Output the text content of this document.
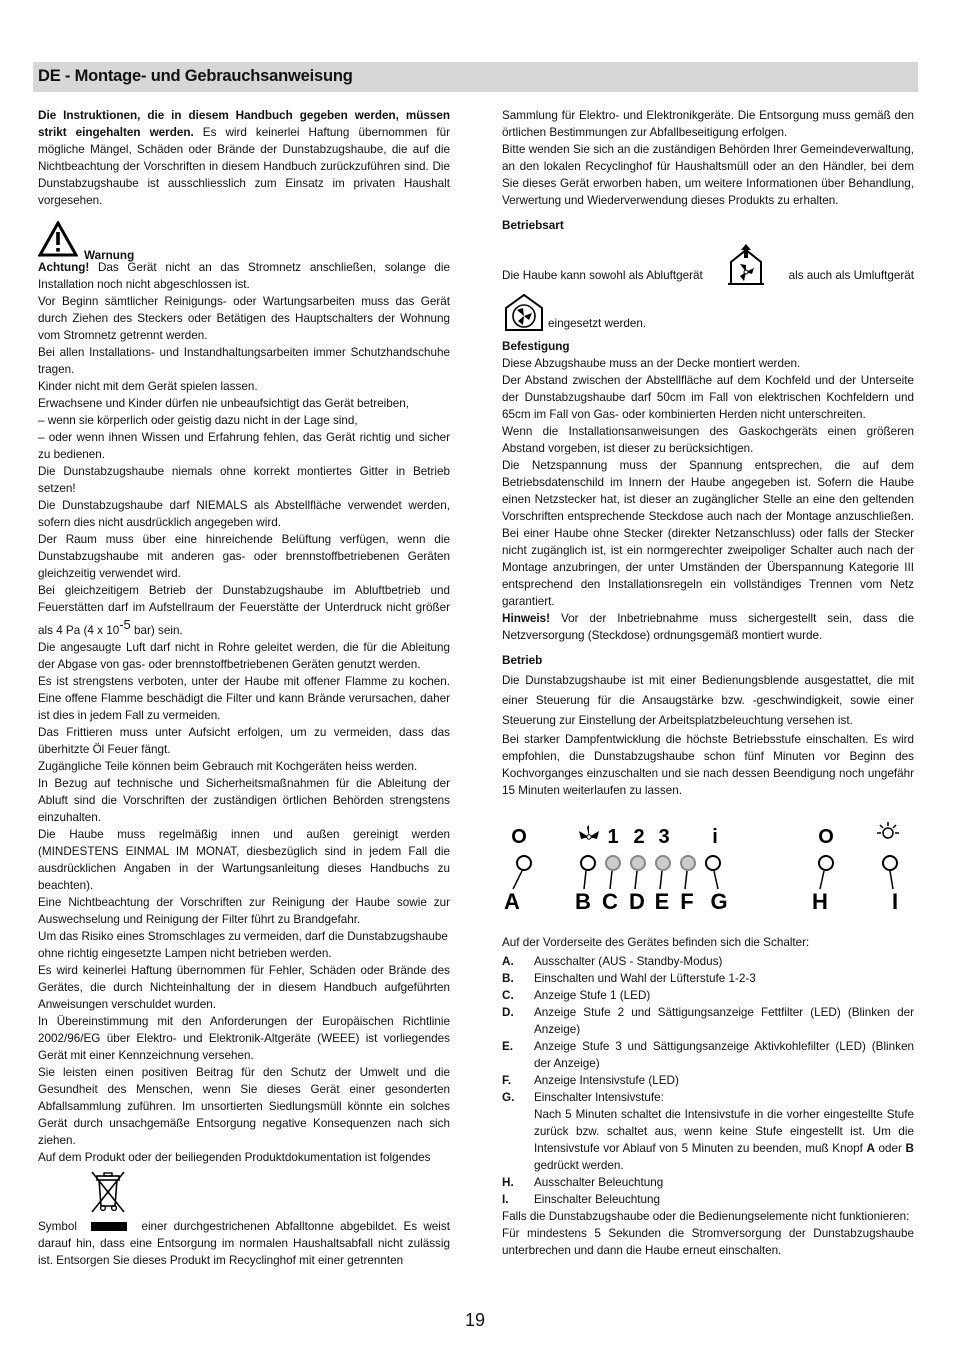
DE - Montage- und Gebrauchsanweisung

Die Instruktionen, die in diesem Handbuch gegeben werden, müssen strikt eingehalten werden. Es wird keinerlei Haftung übernommen für mögliche Mängel, Schäden oder Brände der Dunstabzugshaube, die auf die Nichtbeachtung der Vorschriften in diesem Handbuch zurückzuführen sind. Die Dunstabzugshaube ist ausschliesslich zum Einsatz im privaten Haushalt vorgesehen.

Warnung

Achtung! Das Gerät nicht an das Stromnetz anschließen, solange die Installation noch nicht abgeschlossen ist.

Vor Beginn sämtlicher Reinigungs- oder Wartungsarbeiten muss das Gerät durch Ziehen des Steckers oder Betätigen des Hauptschalters der Wohnung vom Stromnetz getrennt werden.

Bei allen Installations- und Instandhaltungsarbeiten immer Schutzhandschuhe tragen.

Kinder nicht mit dem Gerät spielen lassen.

Erwachsene und Kinder dürfen nie unbeaufsichtigt das Gerät betreiben,

– wenn sie körperlich oder geistig dazu nicht in der Lage sind,

– oder wenn ihnen Wissen und Erfahrung fehlen, das Gerät richtig und sicher zu bedienen.

Die Dunstabzugshaube niemals ohne korrekt montiertes Gitter in Betrieb setzen!

Die Dunstabzugshaube darf NIEMALS als Abstellfläche verwendet werden, sofern dies nicht ausdrücklich angegeben wird.

Der Raum muss über eine hinreichende Belüftung verfügen, wenn die Dunstabzugshaube mit anderen gas- oder brennstoffbetriebenen Geräten gleichzeitig verwendet wird.

Bei gleichzeitigem Betrieb der Dunstabzugshaube im Abluftbetrieb und Feuerstätten darf im Aufstellraum der Feuerstätte der Unterdruck nicht größer als 4 Pa (4 x $10^{-5}$ bar) sein.

Die angesaugte Luft darf nicht in Rohre geleitet werden, die für die Ableitung der Abgase von gas- oder brennstoffbetriebenen Geräten genutzt werden.

Es ist strengstens verboten, unter der Haube mit offener Flamme zu kochen. Eine offene Flamme beschädigt die Filter und kann Brände verursachen, daher ist dies in jedem Fall zu vermeiden.

Das Frittieren muss unter Aufsicht erfolgen, um zu vermeiden, dass das überhitzte Öl Feuer fängt.

Zugängliche Teile können beim Gebrauch mit Kochgeräten heiss werden.

In Bezug auf technische und Sicherheitsmaßnahmen für die Ableitung der Abluft sind die Vorschriften der zuständigen örtlichen Behörden strengstens einzuhalten.

Die Haube muss regelmäßig innen und außen gereinigt werden (MINDESTENS EINMAL IM MONAT, diesbezüglich sind in jedem Fall die ausdrücklichen Angaben in der Wartungsanleitung dieses Handbuchs zu beachten).

Eine Nichtbeachtung der Vorschriften zur Reinigung der Haube sowie zur Auswechselung und Reinigung der Filter führt zu Brandgefahr.

Um das Risiko eines Stromschlages zu vermeiden, darf die Dunstabzugshaube ohne richtig eingesetzte Lampen nicht betrieben werden.

Es wird keinerlei Haftung übernommen für Fehler, Schäden oder Brände des Gerätes, die durch Nichteinhaltung der in diesem Handbuch aufgeführten Anweisungen verschuldet wurden.

In Übereinstimmung mit den Anforderungen der Europäischen Richtlinie 2002/96/EG über Elektro- und Elektronik-Altgeräte (WEEE) ist vorliegendes Gerät mit einer Kennzeichnung versehen.

Sie leisten einen positiven Beitrag für den Schutz der Umwelt und die Gesundheit des Menschen, wenn Sie dieses Gerät einer gesonderten Abfallsammlung zuführen. Im unsortierten Siedlungsmüll könnte ein solches Gerät durch unsachgemäße Entsorgung negative Konsequenzen nach sich ziehen.

Auf dem Produkt oder der beiliegenden Produktdokumentation ist folgendes

Symbol	einer durchgestrichenen Abfalltonne abgebildet. Es weist darauf hin, dass eine Entsorgung im normalen Haushaltsabfall nicht zulässig ist. Entsorgen Sie dieses Produkt im Recyclinghof mit einer getrennten

Sammlung für Elektro- und Elektronikgeräte. Die Entsorgung muss gemäß den örtlichen Bestimmungen zur Abfallbeseitigung erfolgen.

Bitte wenden Sie sich an die zuständigen Behörden Ihrer Gemeindeverwaltung, an den lokalen Recyclinghof für Haushaltsmüll oder an den Händler, bei dem Sie dieses Gerät erworben haben, um weitere Informationen über Behandlung, Verwertung und Wiederverwendung dieses Produkts zu erhalten.

Betriebsart

Die Haube kann sowohl als Abluftgerät	als auch als Umluftgerät
eingesetzt werden.

Befestigung

Diese Abzugshaube muss an der Decke montiert werden.

Der Abstand zwischen der Abstellfläche auf dem Kochfeld und der Unterseite der Dunstabzugshaube darf 50cm im Fall von elektrischen Kochfeldern und 65cm im Fall von Gas- oder kombinierten Herden nicht unterschreiten.

Wenn die Installationsanweisungen des Gaskochgeräts einen größeren Abstand vorgeben, ist dieser zu berücksichtigen.

Die Netzspannung muss der Spannung entsprechen, die auf dem Betriebsdatenschild im Innern der Haube angegeben ist. Sofern die Haube einen Netzstecker hat, ist dieser an zugänglicher Stelle an eine den geltenden Vorschriften entsprechende Steckdose auch nach der Montage anzuschließen. Bei einer Haube ohne Stecker (direkter Netzanschluss) oder falls der Stecker nicht zugänglich ist, ist ein normgerechter zweipoliger Schalter auch nach der Montage anzubringen, der unter Umständen der Überspannung Kategorie III entsprechend den Installationsregeln ein vollständiges Trennen vom Netz garantiert.

Hinweis! Vor der Inbetriebnahme muss sichergestellt sein, dass die Netzversorgung (Steckdose) ordnungsgemäß montiert wurde.

Betrieb

Die Dunstabzugshaube ist mit einer Bedienungsblende ausgestattet, die mit einer Steuerung für die Ansaugstärke bzw. -geschwindigkeit, sowie einer Steuerung zur Einstellung der Arbeitsplatzbeleuchtung versehen ist.

Bei starker Dampfentwicklung die höchste Betriebsstufe einschalten. Es wird empfohlen, die Dunstabzugshaube schon fünf Minuten vor Beginn des Kochvorganges einzuschalten und sie nach dessen Beendigung noch ungefähr 15 Minuten weiterlaufen zu lassen.

O	1 2 3 i	O
A	B C D E F G	H	I

Auf der Vorderseite des Gerätes befinden sich die Schalter:

A.	Ausschalter (AUS - Standby-Modus)
B.	Einschalten und Wahl der Lüfterstufe 1-2-3
C.	Anzeige Stufe 1 (LED)
D.	Anzeige Stufe 2 und Sättigungsanzeige Fettfilter (LED) (Blinken der Anzeige)
E.	Anzeige Stufe 3 und Sättigungsanzeige Aktivkohlefilter (LED) (Blinken der Anzeige)
F.	Anzeige Intensivstufe (LED)
G.	Einschalter Intensivstufe:
Nach 5 Minuten schaltet die Intensivstufe in die vorher eingestellte Stufe zurück bzw. schaltet aus, wenn keine Stufe eingestellt ist. Um die Intensivstufe vor Ablauf von 5 Minuten zu beenden, muß Knopf A oder B gedrückt werden.
H.	Ausschalter Beleuchtung
I.	Einschalter Beleuchtung

Falls die Dunstabzugshaube oder die Bedienungselemente nicht funktionieren:

Für mindestens 5 Sekunden die Stromversorgung der Dunstabzugshaube unterbrechen und dann die Haube erneut einschalten.

19
